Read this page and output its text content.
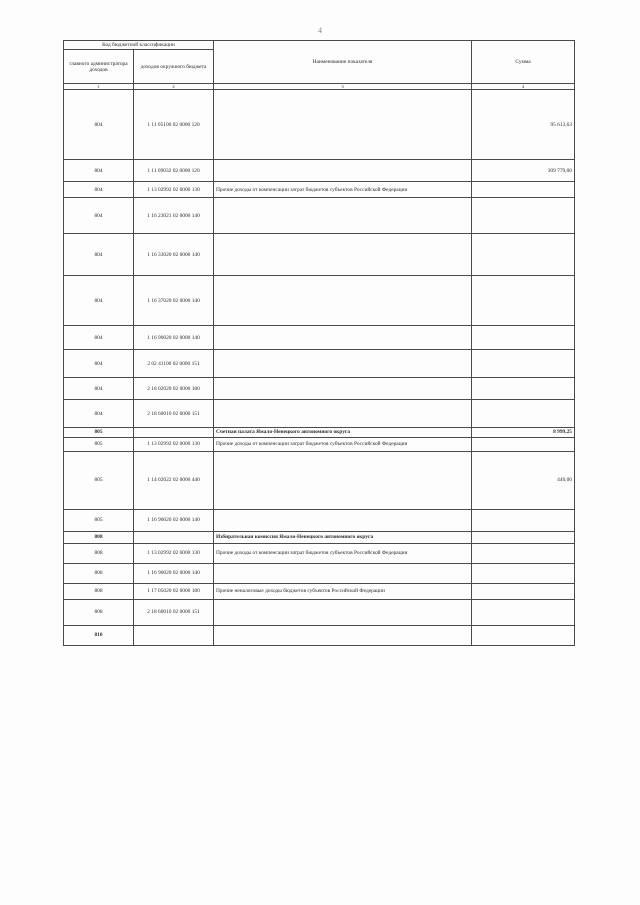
4
Код бюджетной классификации		Наименование показателя	Сумма
главного администратора доходов	доходов окружного бюджета		
1	2	3	4
804	1 11 05100 02 0000 120		95 613,63
804	1 11 09032 02 0000 120		309 779,00
804	1 13 02992 02 0000 130	Прочие доходы от компенсации затрат бюджетов субъектов Российской Федерации	
804	1 16 23021 02 0000 140		
804	1 16 33020 02 0000 140		
804	1 16 37020 02 0000 140		
804	1 16 90020 02 0000 140		
804	2 02 41100 02 0000 151		
804	2 18 02020 02 0000 180		
804	2 18 60010 02 0000 151		
805		Счетная палата Ямало-Ненецкого автономного округа	8 999,25
805	1 13 02992 02 0000 130	Прочие доходы от компенсации затрат бюджетов субъектов Российской Федерации	
805	1 14 02022 02 0000 440		440,00
805	1 16 90020 02 0000 140		
808		Избирательная комиссия Ямало-Ненецкого автономного округа	
808	1 13 02992 02 0000 130	Прочие доходы от компенсации затрат бюджетов субъектов Российской Федерации	
808	1 16 90020 02 0000 140		
808	1 17 05020 02 0000 180	Прочие неналоговые доходы бюджетов субъектов Российской Федерации	
808	2 18 60010 02 0000 151		
810			
